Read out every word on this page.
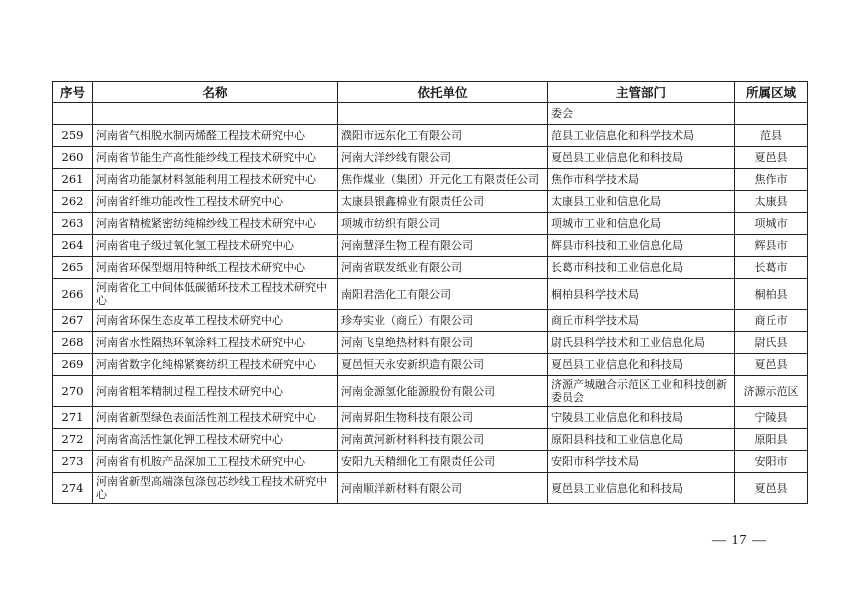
序号	名称	依托单位	主管部门	所属区域
			委会	
259	河南省气相脱水制丙烯醛工程技术研究中心	濮阳市远东化工有限公司	范县工业信息化和科学技术局	范县
260	河南省节能生产高性能纱线工程技术研究中心	河南大洋纱线有限公司	夏邑县工业信息化和科技局	夏邑县
261	河南省功能氯材料氢能利用工程技术研究中心	焦作煤业（集团）开元化工有限责任公司	焦作市科学技术局	焦作市
262	河南省纤维功能改性工程技术研究中心	太康县银鑫棉业有限责任公司	太康县工业和信息化局	太康县
263	河南省精梳紧密纺纯棉纱线工程技术研究中心	项城市纺织有限公司	项城市工业和信息化局	项城市
264	河南省电子级过氧化氢工程技术研究中心	河南慧泽生物工程有限公司	辉县市科技和工业信息化局	辉县市
265	河南省环保型烟用特种纸工程技术研究中心	河南省联发纸业有限公司	长葛市科技和工业信息化局	长葛市
266	河南省化工中间体低碳循环技术工程技术研究中心	南阳君浩化工有限公司	桐柏县科学技术局	桐柏县
267	河南省环保生态皮革工程技术研究中心	珍寿实业（商丘）有限公司	商丘市科学技术局	商丘市
268	河南省水性隔热环氧涂料工程技术研究中心	河南飞皇绝热材料有限公司	尉氏县科学技术和工业信息化局	尉氏县
269	河南省数字化纯棉紧赛纺织工程技术研究中心	夏邑恒天永安新织造有限公司	夏邑县工业信息化和科技局	夏邑县
270	河南省粗苯精制过程工程技术研究中心	河南金源氢化能源股份有限公司	济源产城融合示范区工业和科技创新委员会	济源示范区
271	河南省新型绿色表面活性剂工程技术研究中心	河南昇阳生物科技有限公司	宁陵县工业信息化和科技局	宁陵县
272	河南省高活性氯化钾工程技术研究中心	河南黄河新材料科技有限公司	原阳县科技和工业信息化局	原阳县
273	河南省有机胺产品深加工工程技术研究中心	安阳九天精细化工有限责任公司	安阳市科学技术局	安阳市
274	河南省新型高端涤包涤包芯纱线工程技术研究中心	河南顺洋新材料有限公司	夏邑县工业信息化和科技局	夏邑县
— 17 —
